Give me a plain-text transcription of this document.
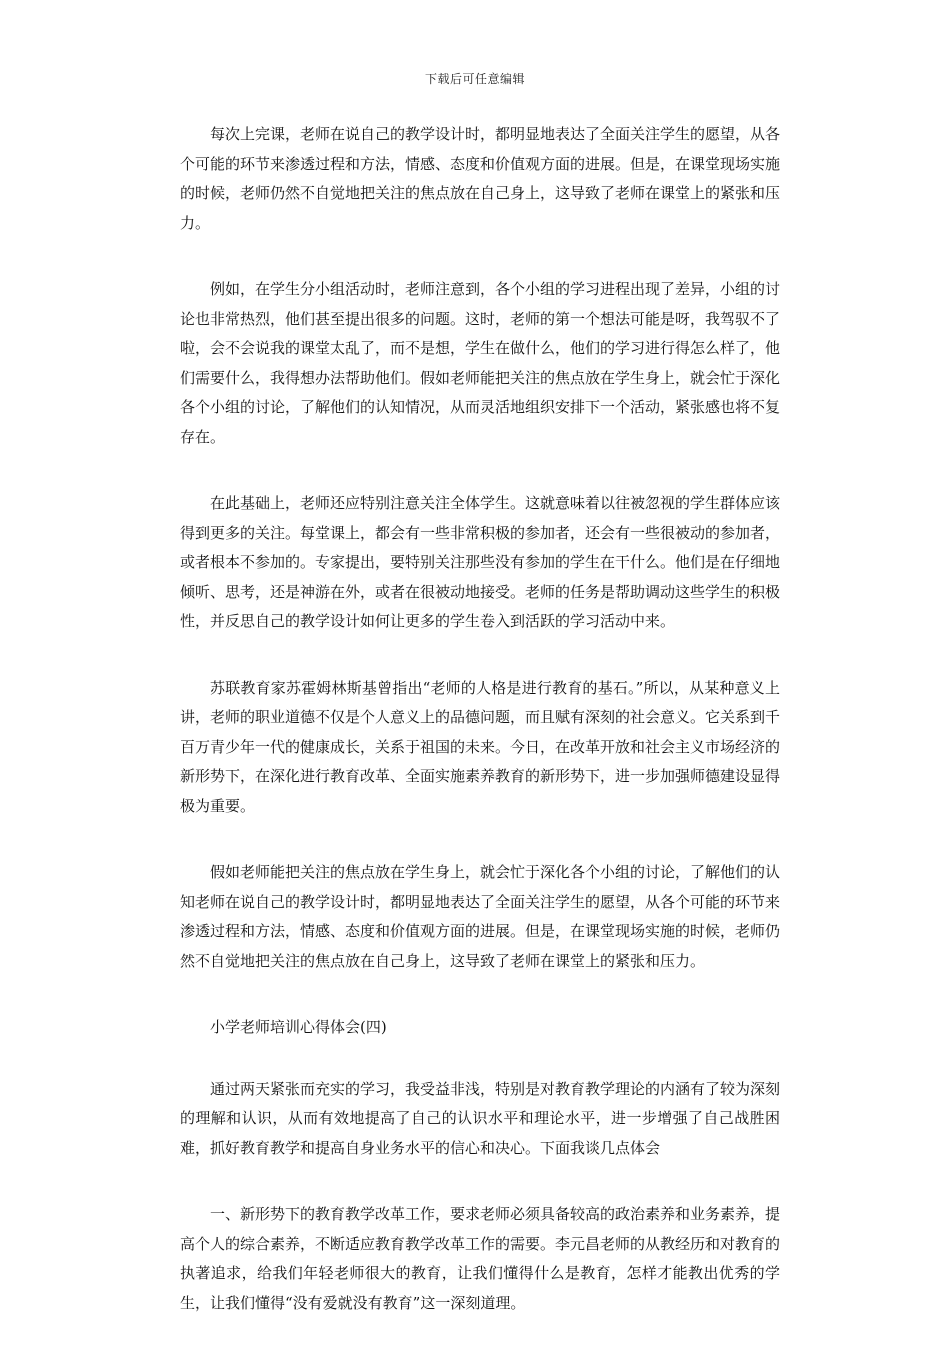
下载后可任意编辑

每次上完课，老师在说自己的教学设计时，都明显地表达了全面关注学生的愿望，从各个可能的环节来渗透过程和方法，情感、态度和价值观方面的进展。但是，在课堂现场实施的时候，老师仍然不自觉地把关注的焦点放在自己身上，这导致了老师在课堂上的紧张和压力。

例如，在学生分小组活动时，老师注意到，各个小组的学习进程出现了差异，小组的讨论也非常热烈，他们甚至提出很多的问题。这时，老师的第一个想法可能是呀，我驾驭不了啦，会不会说我的课堂太乱了，而不是想，学生在做什么，他们的学习进行得怎么样了，他们需要什么，我得想办法帮助他们。假如老师能把关注的焦点放在学生身上，就会忙于深化各个小组的讨论，了解他们的认知情况，从而灵活地组织安排下一个活动，紧张感也将不复存在。

在此基础上，老师还应特别注意关注全体学生。这就意味着以往被忽视的学生群体应该得到更多的关注。每堂课上，都会有一些非常积极的参加者，还会有一些很被动的参加者，或者根本不参加的。专家提出，要特别关注那些没有参加的学生在干什么。他们是在仔细地倾听、思考，还是神游在外，或者在很被动地接受。老师的任务是帮助调动这些学生的积极性，并反思自己的教学设计如何让更多的学生卷入到活跃的学习活动中来。

苏联教育家苏霍姆林斯基曾指出“老师的人格是进行教育的基石。”所以，从某种意义上讲，老师的职业道德不仅是个人意义上的品德问题，而且赋有深刻的社会意义。它关系到千百万青少年一代的健康成长，关系于祖国的未来。今日，在改革开放和社会主义市场经济的新形势下，在深化进行教育改革、全面实施素养教育的新形势下，进一步加强师德建设显得极为重要。

假如老师能把关注的焦点放在学生身上，就会忙于深化各个小组的讨论，了解他们的认知老师在说自己的教学设计时，都明显地表达了全面关注学生的愿望，从各个可能的环节来渗透过程和方法，情感、态度和价值观方面的进展。但是，在课堂现场实施的时候，老师仍然不自觉地把关注的焦点放在自己身上，这导致了老师在课堂上的紧张和压力。

小学老师培训心得体会(四)

通过两天紧张而充实的学习，我受益非浅，特别是对教育教学理论的内涵有了较为深刻的理解和认识，从而有效地提高了自己的认识水平和理论水平，进一步增强了自己战胜困难，抓好教育教学和提高自身业务水平的信心和决心。下面我谈几点体会

一、新形势下的教育教学改革工作，要求老师必须具备较高的政治素养和业务素养，提高个人的综合素养，不断适应教育教学改革工作的需要。李元昌老师的从教经历和对教育的执著追求，给我们年轻老师很大的教育，让我们懂得什么是教育，怎样才能教出优秀的学生，让我们懂得“没有爱就没有教育”这一深刻道理。
